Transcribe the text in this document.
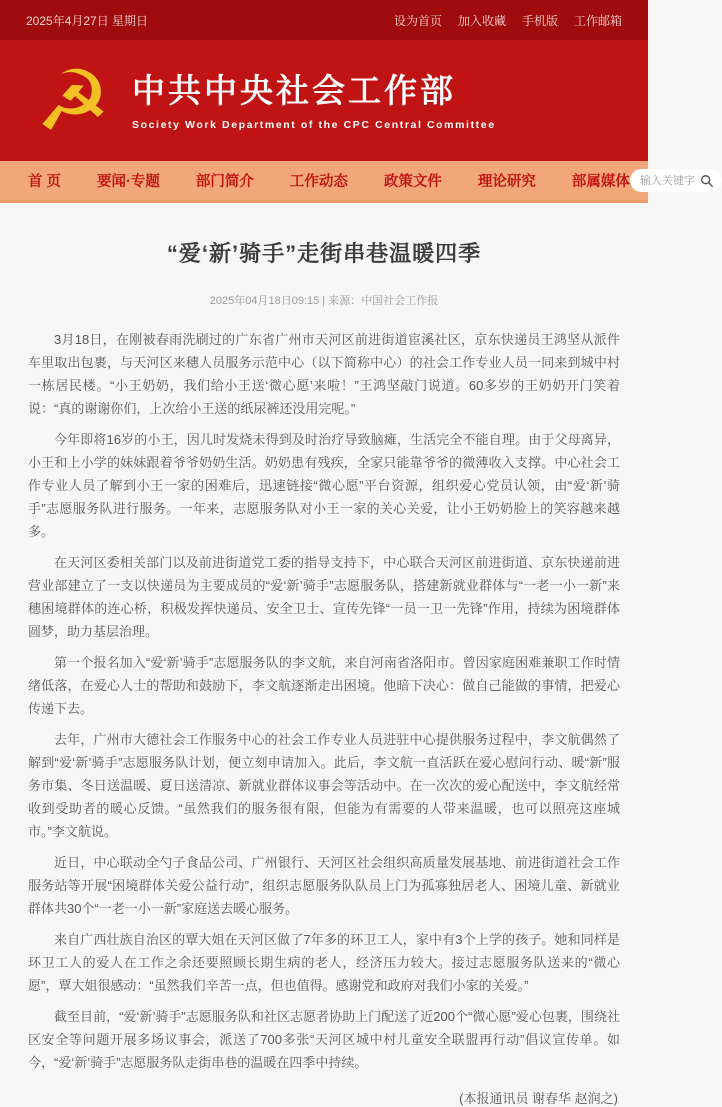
2025年4月27日 星期日	设为首页 加入收藏 手机版 工作邮箱
☭ 中共中央社会工作部
Society Work Department of the CPC Central Committee
首 页 要闻·专题 部门简介 工作动态 政策文件 理论研究 部属媒体
输入关键字
“爱‘新’骑手”走街串巷温暖四季
2025年04月18日09:15 | 来源：中国社会工作报

3月18日，在刚被春雨洗刷过的广东省广州市天河区前进街道宦溪社区，京东快递员王鸿坚从派件车里取出包裹，与天河区来穗人员服务示范中心（以下简称中心）的社会工作专业人员一同来到城中村一栋居民楼。“小王奶奶，我们给小王送‘微心愿’来啦！”王鸿坚敲门说道。60多岁的王奶奶开门笑着说：“真的谢谢你们，上次给小王送的纸尿裤还没用完呢。”

今年即将16岁的小王，因儿时发烧未得到及时治疗导致脑瘫，生活完全不能自理。由于父母离异，小王和上小学的妹妹跟着爷爷奶奶生活。奶奶患有残疾，全家只能靠爷爷的微薄收入支撑。中心社会工作专业人员了解到小王一家的困难后，迅速链接“微心愿”平台资源，组织爱心党员认领，由“爱‘新’骑手”志愿服务队进行服务。一年来，志愿服务队对小王一家的关心关爱，让小王奶奶脸上的笑容越来越多。

在天河区委相关部门以及前进街道党工委的指导支持下，中心联合天河区前进街道、京东快递前进营业部建立了一支以快递员为主要成员的“爱‘新’骑手”志愿服务队，搭建新就业群体与“一老一小一新”来穗困境群体的连心桥，积极发挥快递员、安全卫士、宣传先锋“一员一卫一先锋”作用，持续为困境群体圆梦，助力基层治理。

第一个报名加入“爱‘新’骑手”志愿服务队的李文航，来自河南省洛阳市。曾因家庭困难兼职工作时情绪低落，在爱心人士的帮助和鼓励下，李文航逐渐走出困境。他暗下决心：做自己能做的事情，把爱心传递下去。

去年，广州市大德社会工作服务中心的社会工作专业人员进驻中心提供服务过程中，李文航偶然了解到“爱‘新’骑手”志愿服务队计划，便立刻申请加入。此后，李文航一直活跃在爱心慰问行动、暖“新”服务市集、冬日送温暖、夏日送清凉、新就业群体议事会等活动中。在一次次的爱心配送中，李文航经常收到受助者的暖心反馈。“虽然我们的服务很有限，但能为有需要的人带来温暖，也可以照亮这座城市。”李文航说。

近日，中心联动全勺子食品公司、广州银行、天河区社会组织高质量发展基地、前进街道社会工作服务站等开展“困境群体关爱公益行动”，组织志愿服务队队员上门为孤寡独居老人、困境儿童、新就业群体共30个“一老一小一新”家庭送去暖心服务。

来自广西壮族自治区的覃大姐在天河区做了7年多的环卫工人，家中有3个上学的孩子。她和同样是环卫工人的爱人在工作之余还要照顾长期生病的老人，经济压力较大。接过志愿服务队送来的“微心愿”，覃大姐很感动：“虽然我们辛苦一点，但也值得。感谢党和政府对我们小家的关爱。”

截至目前，“爱‘新’骑手”志愿服务队和社区志愿者协助上门配送了近200个“微心愿”爱心包裹，围绕社区安全等问题开展多场议事会，派送了700多张“天河区城中村儿童安全联盟再行动”倡议宣传单。如今，“爱‘新’骑手”志愿服务队走街串巷的温暖在四季中持续。

(本报通讯员 谢春华 赵润之)
